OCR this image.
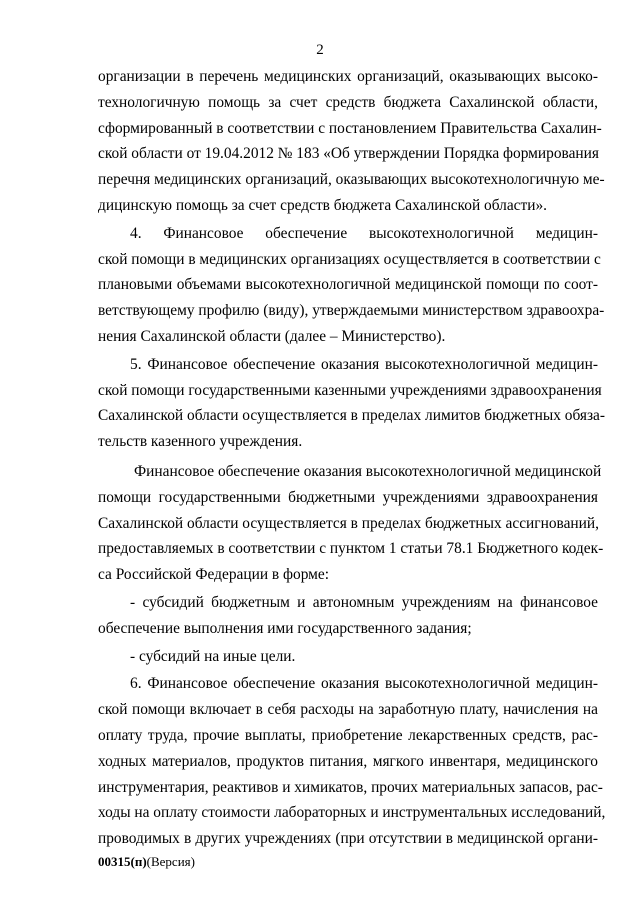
2
организации в перечень медицинских организаций, оказывающих высоко-
технологичную помощь за счет средств бюджета Сахалинской области,
сформированный в соответствии с постановлением Правительства Сахалин-
ской области от 19.04.2012 № 183 «Об утверждении Порядка формирования
перечня медицинских организаций, оказывающих высокотехнологичную ме-
дицинскую помощь за счет средств бюджета Сахалинской области».
4. Финансовое обеспечение высокотехнологичной медицин-
ской помощи в медицинских организациях осуществляется в соответствии с
плановыми объемами высокотехнологичной медицинской помощи по соот-
ветствующему профилю (виду), утверждаемыми министерством здравоохра-
нения Сахалинской области (далее – Министерство).
5. Финансовое обеспечение оказания высокотехнологичной медицин-
ской помощи государственными казенными учреждениями здравоохранения
Сахалинской области осуществляется в пределах лимитов бюджетных обяза-
тельств казенного учреждения.
Финансовое обеспечение оказания высокотехнологичной медицинской
помощи государственными бюджетными учреждениями здравоохранения
Сахалинской области осуществляется в пределах бюджетных ассигнований,
предоставляемых в соответствии с пунктом 1 статьи 78.1 Бюджетного кодек-
са Российской Федерации в форме:
- субсидий бюджетным и автономным учреждениям на финансовое
обеспечение выполнения ими государственного задания;
- субсидий на иные цели.
6. Финансовое обеспечение оказания высокотехнологичной медицин-
ской помощи включает в себя расходы на заработную плату, начисления на
оплату труда, прочие выплаты, приобретение лекарственных средств, рас-
ходных материалов, продуктов питания, мягкого инвентаря, медицинского
инструментария, реактивов и химикатов, прочих материальных запасов, рас-
ходы на оплату стоимости лабораторных и инструментальных исследований,
проводимых в других учреждениях (при отсутствии в медицинской органи-
00315(п)(Версия)
